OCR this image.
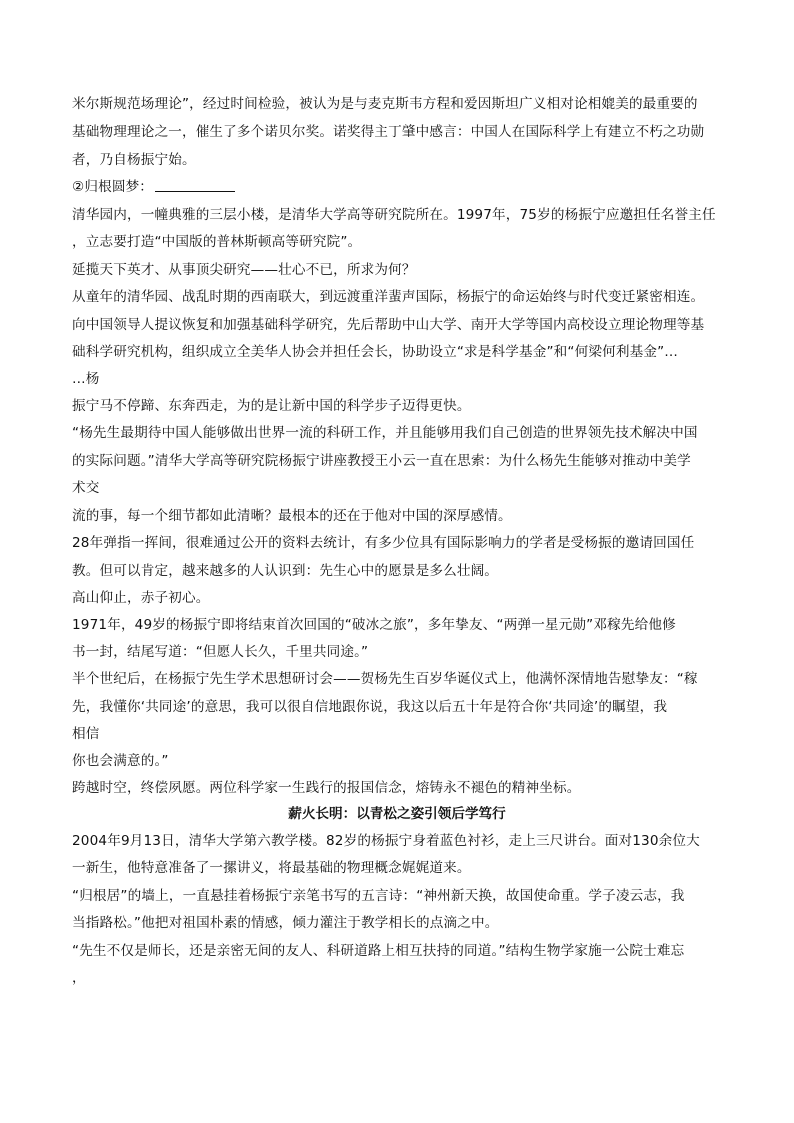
米尔斯规范场理论”，经过时间检验，被认为是与麦克斯韦方程和爱因斯坦广义相对论相媲美的最重要的
基础物理理论之一，催生了多个诺贝尔奖。诺奖得主丁肇中感言：中国人在国际科学上有建立不朽之功勋
者，乃自杨振宁始。
②归根圆梦：
清华园内，一幢典雅的三层小楼，是清华大学高等研究院所在。1997年，75岁的杨振宁应邀担任名誉主任
，立志要打造“中国版的普林斯顿高等研究院”。
延揽天下英才、从事顶尖研究——壮心不已，所求为何？
从童年的清华园、战乱时期的西南联大，到远渡重洋蜚声国际，杨振宁的命运始终与时代变迁紧密相连。
向中国领导人提议恢复和加强基础科学研究，先后帮助中山大学、南开大学等国内高校设立理论物理等基
础科学研究机构，组织成立全美华人协会并担任会长，协助设立“求是科学基金”和“何梁何利基金”…
…杨
振宁马不停蹄、东奔西走，为的是让新中国的科学步子迈得更快。
“杨先生最期待中国人能够做出世界一流的科研工作，并且能够用我们自己创造的世界领先技术解决中国
的实际问题。”清华大学高等研究院杨振宁讲座教授王小云一直在思索：为什么杨先生能够对推动中美学
术交
流的事，每一个细节都如此清晰？最根本的还在于他对中国的深厚感情。
28年弹指一挥间，很难通过公开的资料去统计，有多少位具有国际影响力的学者是受杨振的邀请回国任
教。但可以肯定，越来越多的人认识到：先生心中的愿景是多么壮阔。
高山仰止，赤子初心。
1971年，49岁的杨振宁即将结束首次回国的“破冰之旅”，多年挚友、“两弹一星元勋”邓稼先给他修
书一封，结尾写道：“但愿人长久，千里共同途。”
半个世纪后，在杨振宁先生学术思想研讨会——贺杨先生百岁华诞仪式上，他满怀深情地告慰挚友：“稼
先，我懂你‘共同途’的意思，我可以很自信地跟你说，我这以后五十年是符合你‘共同途’的瞩望，我
相信
你也会满意的。”
跨越时空，终偿夙愿。两位科学家一生践行的报国信念，熔铸永不褪色的精神坐标。
薪火长明：以青松之姿引领后学笃行
2004年9月13日，清华大学第六教学楼。82岁的杨振宁身着蓝色衬衫，走上三尺讲台。面对130余位大
一新生，他特意准备了一摞讲义，将最基础的物理概念娓娓道来。
“归根居”的墙上，一直悬挂着杨振宁亲笔书写的五言诗：“神州新天换，故国使命重。学子凌云志，我
当指路松。”他把对祖国朴素的情感，倾力灌注于教学相长的点滴之中。
“先生不仅是师长，还是亲密无间的友人、科研道路上相互扶持的同道。”结构生物学家施一公院士难忘
，
